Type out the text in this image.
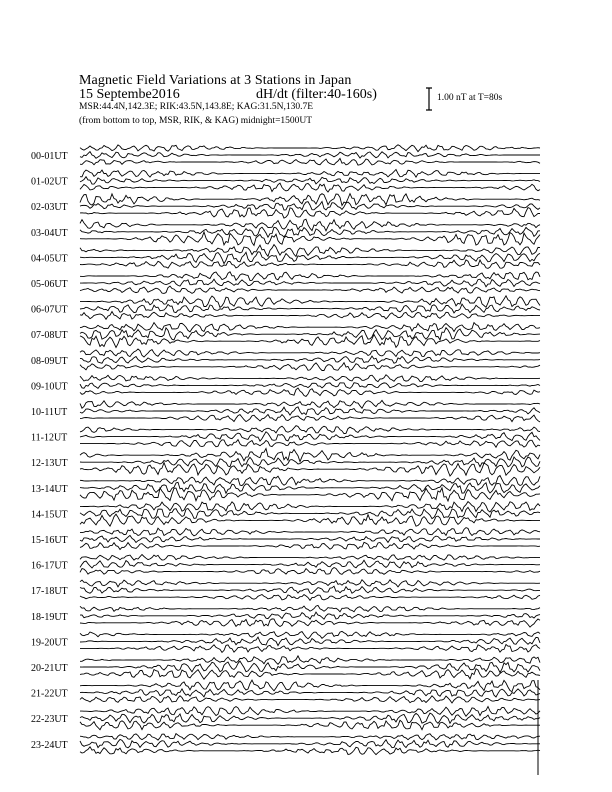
Magnetic Field Variations at 3 Stations in Japan
15 Septembe2016	dH/dt (filter:40-160s)
MSR:44.4N,142.3E; RIK:43.5N,143.8E; KAG:31.5N,130.7E
(from bottom to top, MSR, RIK, & KAG) midnight=1500UT
1.00 nT at T=80s
00-01UT
01-02UT
02-03UT
03-04UT
04-05UT
05-06UT
06-07UT
07-08UT
08-09UT
09-10UT
10-11UT
11-12UT
12-13UT
13-14UT
14-15UT
15-16UT
16-17UT
17-18UT
18-19UT
19-20UT
20-21UT
21-22UT
22-23UT
23-24UT
